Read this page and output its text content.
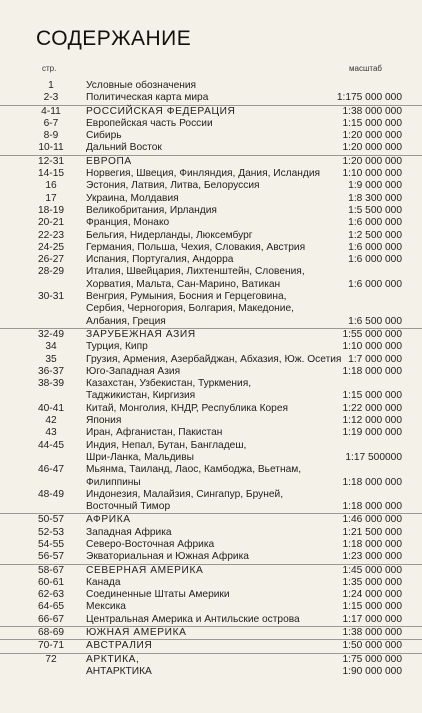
СОДЕРЖАНИЕ
стр.	масштаб
1	Условные обозначения
2-3	Политическая карта мира	1:175 000 000
4-11	РОССИЙСКАЯ ФЕДЕРАЦИЯ	1:38 000 000
6-7	Европейская часть России	1:15 000 000
8-9	Сибирь	1:20 000 000
10-11	Дальний Восток	1:20 000 000
12-31	ЕВРОПА	1:20 000 000
14-15	Норвегия, Швеция, Финляндия, Дания, Исландия	1:10 000 000
16	Эстония, Латвия, Литва, Белоруссия	1:9 000 000
17	Украина, Молдавия	1:8 300 000
18-19	Великобритания, Ирландия	1:5 500 000
20-21	Франция, Монако	1:6 000 000
22-23	Бельгия, Нидерланды, Люксембург	1:2 500 000
24-25	Германия, Польша, Чехия, Словакия, Австрия	1:6 000 000
26-27	Испания, Португалия, Андорра	1:6 000 000
28-29	Италия, Швейцария, Лихтенштейн, Словения,
Хорватия, Мальта, Сан-Марино, Ватикан	1:6 000 000
30-31	Венгрия, Румыния, Босния и Герцеговина,
Сербия, Черногория, Болгария, Македоние,
Албания, Греция	1:6 500 000
32-49	ЗАРУБЕЖНАЯ АЗИЯ	1:55 000 000
34	Турция, Кипр	1:10 000 000
35	Грузия, Армения, Азербайджан, Абхазия, Юж. Осетия 1:7 000 000
36-37	Юго-Западная Азия	1:18 000 000
38-39	Казахстан, Узбекистан, Туркмения,
Таджикистан, Киргизия	1:15 000 000
40-41	Китай, Монголия, КНДР, Республика Корея	1:22 000 000
42	Япония	1:12 000 000
43	Иран, Афганистан, Пакистан	1:19 000 000
44-45	Индия, Непал, Бутан, Бангладеш,
Шри-Ланка, Мальдивы	1:17 500000
46-47	Мьянма, Таиланд, Лаос, Камбоджа, Вьетнам,
Филиппины	1:18 000 000
48-49	Индонезия, Малайзия, Сингапур, Бруней,
Восточный Тимор	1:18 000 000
50-57	АФРИКА	1:46 000 000
52-53	Западная Африка	1:21 500 000
54-55	Северо-Восточная Африка	1:18 000 000
56-57	Экваториальная и Южная Африка	1:23 000 000
58-67	СЕВЕРНАЯ АМЕРИКА	1:45 000 000
60-61	Канада	1:35 000 000
62-63	Соединенные Штаты Америки	1:24 000 000
64-65	Мексика	1:15 000 000
66-67	Центральная Америка и Антильские острова	1:17 000 000
68-69	ЮЖНАЯ АМЕРИКА	1:38 000 000
70-71	АВСТРАЛИЯ	1:50 000 000
72	АРКТИКА,	1:75 000 000
АНТАРКТИКА	1:90 000 000
